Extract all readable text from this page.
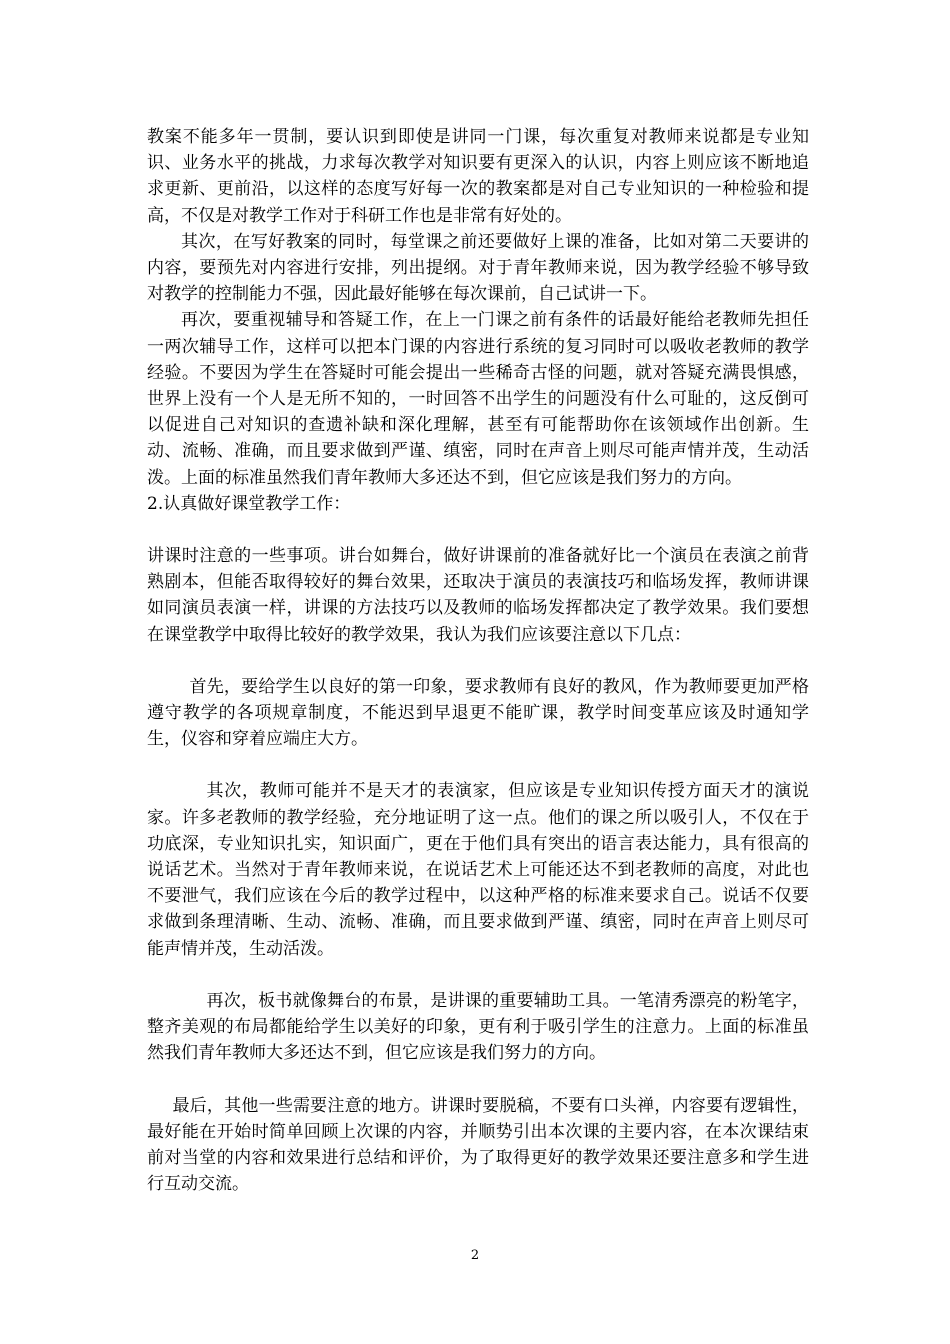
教案不能多年一贯制，要认识到即使是讲同一门课，每次重复对教师来说都是专业知识、业务水平的挑战，力求每次教学对知识要有更深入的认识，内容上则应该不断地追求更新、更前沿，以这样的态度写好每一次的教案都是对自己专业知识的一种检验和提高，不仅是对教学工作对于科研工作也是非常有好处的。

其次，在写好教案的同时，每堂课之前还要做好上课的准备，比如对第二天要讲的内容，要预先对内容进行安排，列出提纲。对于青年教师来说，因为教学经验不够导致对教学的控制能力不强，因此最好能够在每次课前，自己试讲一下。

再次，要重视辅导和答疑工作，在上一门课之前有条件的话最好能给老教师先担任一两次辅导工作，这样可以把本门课的内容进行系统的复习同时可以吸收老教师的教学经验。不要因为学生在答疑时可能会提出一些稀奇古怪的问题，就对答疑充满畏惧感，世界上没有一个人是无所不知的，一时回答不出学生的问题没有什么可耻的，这反倒可以促进自己对知识的查遗补缺和深化理解，甚至有可能帮助你在该领域作出创新。生动、流畅、准确，而且要求做到严谨、缜密，同时在声音上则尽可能声情并茂，生动活泼。上面的标准虽然我们青年教师大多还达不到，但它应该是我们努力的方向。

2.认真做好课堂教学工作：

讲课时注意的一些事项。讲台如舞台，做好讲课前的准备就好比一个演员在表演之前背熟剧本，但能否取得较好的舞台效果，还取决于演员的表演技巧和临场发挥，教师讲课如同演员表演一样，讲课的方法技巧以及教师的临场发挥都决定了教学效果。我们要想在课堂教学中取得比较好的教学效果，我认为我们应该要注意以下几点：

首先，要给学生以良好的第一印象，要求教师有良好的教风，作为教师要更加严格遵守教学的各项规章制度，不能迟到早退更不能旷课，教学时间变革应该及时通知学生，仪容和穿着应端庄大方。

其次，教师可能并不是天才的表演家，但应该是专业知识传授方面天才的演说家。许多老教师的教学经验，充分地证明了这一点。他们的课之所以吸引人，不仅在于功底深，专业知识扎实，知识面广，更在于他们具有突出的语言表达能力，具有很高的说话艺术。当然对于青年教师来说，在说话艺术上可能还达不到老教师的高度，对此也不要泄气，我们应该在今后的教学过程中，以这种严格的标准来要求自己。说话不仅要求做到条理清晰、生动、流畅、准确，而且要求做到严谨、缜密，同时在声音上则尽可能声情并茂，生动活泼。

再次，板书就像舞台的布景，是讲课的重要辅助工具。一笔清秀漂亮的粉笔字，整齐美观的布局都能给学生以美好的印象，更有利于吸引学生的注意力。上面的标准虽然我们青年教师大多还达不到，但它应该是我们努力的方向。

最后，其他一些需要注意的地方。讲课时要脱稿，不要有口头禅，内容要有逻辑性，最好能在开始时简单回顾上次课的内容，并顺势引出本次课的主要内容，在本次课结束前对当堂的内容和效果进行总结和评价，为了取得更好的教学效果还要注意多和学生进行互动交流。

2
